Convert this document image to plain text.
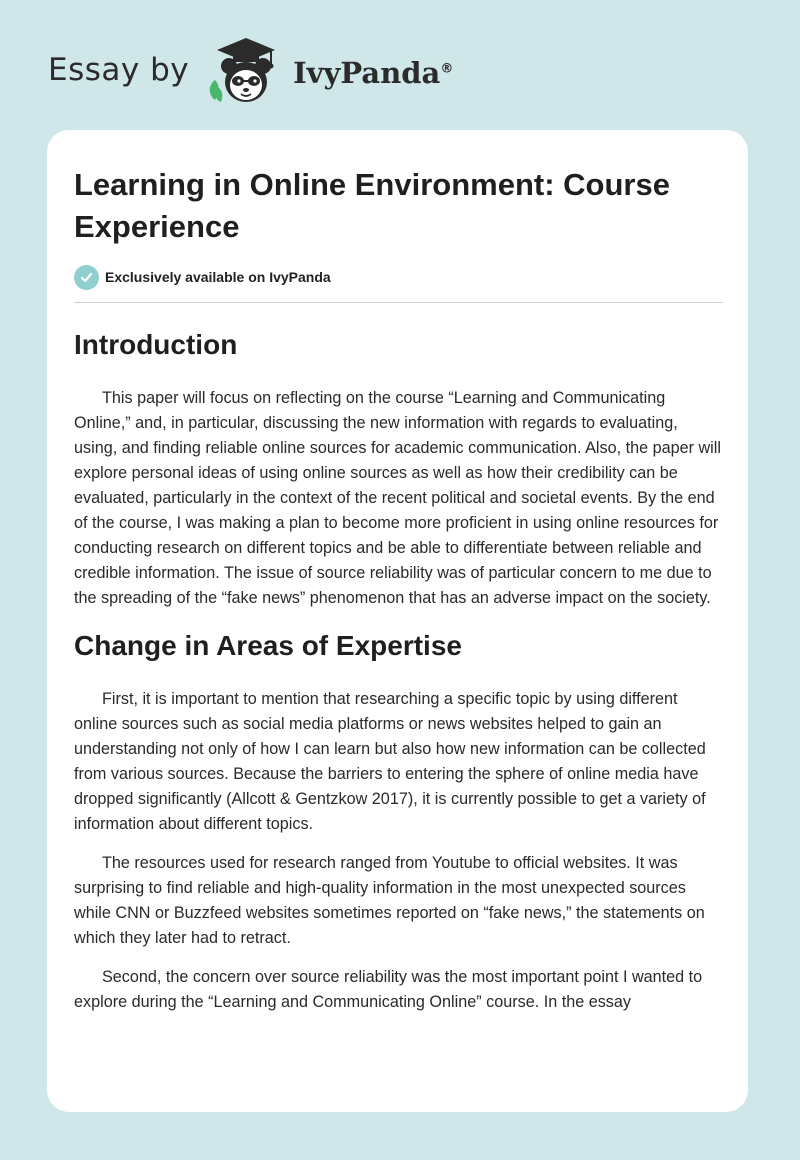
Essay by	IvyPanda®
Learning in Online Environment: Course Experience
Exclusively available on IvyPanda
Introduction

This paper will focus on reflecting on the course “Learning and Communicating Online,” and, in particular, discussing the new information with regards to evaluating, using, and finding reliable online sources for academic communication. Also, the paper will explore personal ideas of using online sources as well as how their credibility can be evaluated, particularly in the context of the recent political and societal events. By the end of the course, I was making a plan to become more proficient in using online resources for conducting research on different topics and be able to differentiate between reliable and credible information. The issue of source reliability was of particular concern to me due to the spreading of the “fake news” phenomenon that has an adverse impact on the society.

Change in Areas of Expertise

First, it is important to mention that researching a specific topic by using different online sources such as social media platforms or news websites helped to gain an understanding not only of how I can learn but also how new information can be collected from various sources. Because the barriers to entering the sphere of online media have dropped significantly (Allcott & Gentzkow 2017), it is currently possible to get a variety of information about different topics.

The resources used for research ranged from Youtube to official websites. It was surprising to find reliable and high-quality information in the most unexpected sources while CNN or Buzzfeed websites sometimes reported on “fake news,” the statements on which they later had to retract.

Second, the concern over source reliability was the most important point I wanted to explore during the “Learning and Communicating Online” course. In the essay
